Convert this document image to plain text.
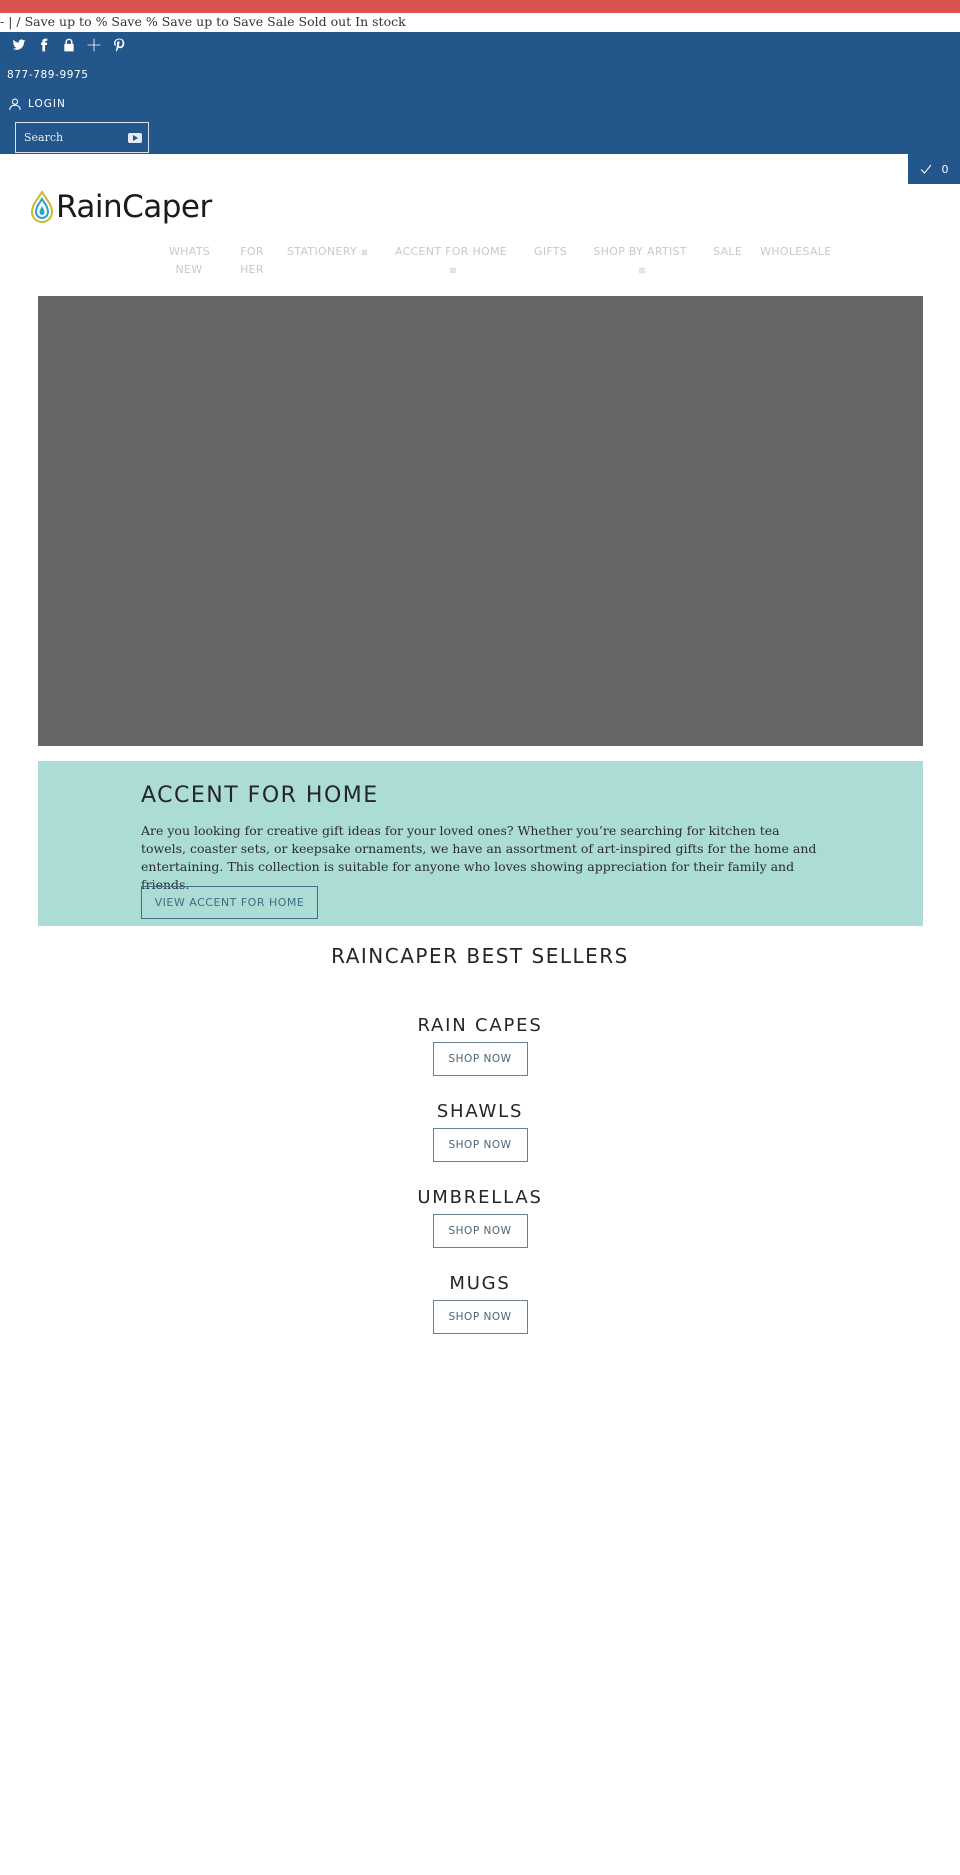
- | / Save up to % Save % Save up to Save Sale Sold out In stock
877-789-9975
LOGIN
Search
0
RainCaper
WHATS NEW
FOR HER
STATIONERY ⊠	ACCENT FOR HOME
⊠
GIFTS	SHOP BY ARTIST
⊠
SALE	WHOLESALE
ACCENT FOR HOME
Are you looking for creative gift ideas for your loved ones? Whether you’re searching for kitchen tea towels, coaster sets, or keepsake ornaments, we have an assortment of art-inspired gifts for the home and entertaining. This collection is suitable for anyone who loves showing appreciation for their family and friends.
VIEW ACCENT FOR HOME
RAINCAPER BEST SELLERS
RAIN CAPES
SHOP NOW
SHAWLS
SHOP NOW
UMBRELLAS
SHOP NOW
MUGS
SHOP NOW
